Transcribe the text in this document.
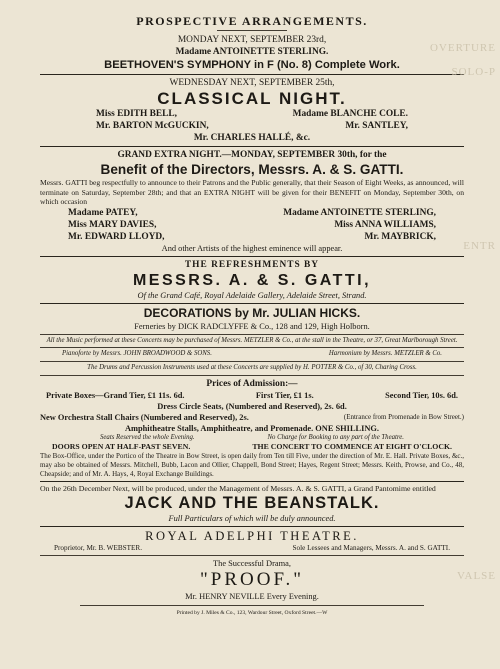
OVERTURE
SOLO-P
ENTR
VALSE
PROSPECTIVE ARRANGEMENTS.
MONDAY NEXT, SEPTEMBER 23rd,
Madame ANTOINETTE STERLING.
BEETHOVEN'S SYMPHONY in F (No. 8) Complete Work.
WEDNESDAY NEXT, SEPTEMBER 25th,
CLASSICAL NIGHT.
Miss EDITH BELL,	Madame BLANCHE COLE.
Mr. BARTON McGUCKIN,	Mr. SANTLEY,
Mr. CHARLES HALLÉ, &c.
GRAND EXTRA NIGHT.—MONDAY, SEPTEMBER 30th, for the
Benefit of the Directors, Messrs. A. & S. GATTI.
Messrs. GATTI beg respectfully to announce to their Patrons and the Public generally, that their Season of Eight Weeks, as announced, will terminate on Saturday, September 28th; and that an EXTRA NIGHT will be given for their BENEFIT on Monday, September 30th, on which occasion
Madame PATEY,	Madame ANTOINETTE STERLING,
Miss MARY DAVIES,	Miss ANNA WILLIAMS,
Mr. EDWARD LLOYD,	Mr. MAYBRICK,
And other Artists of the highest eminence will appear.
THE REFRESHMENTS BY
MESSRS. A. & S. GATTI,
Of the Grand Café, Royal Adelaide Gallery, Adelaide Street, Strand.
DECORATIONS by Mr. JULIAN HICKS.
Ferneries by DICK RADCLYFFE & Co., 128 and 129, High Holborn.
All the Music performed at these Concerts may be purchased of Messrs. METZLER & Co., at the stall in the Theatre, or 37, Great Marlborough Street.
Pianoforte by Messrs. JOHN BROADWOOD & SONS.	Harmonium by Messrs. METZLER & Co.
The Drums and Percussion Instruments used at these Concerts are supplied by H. POTTER & Co., of 30, Charing Cross.
Prices of Admission:—
Private Boxes—Grand Tier, £1 11s. 6d.	First Tier, £1 1s.	Second Tier, 10s. 6d.
Dress Circle Seats, (Numbered and Reserved), 2s. 6d.
New Orchestra Stall Chairs (Numbered and Reserved), 2s.	(Entrance from Promenade in Bow Street.)
Amphitheatre Stalls, Amphitheatre, and Promenade. ONE SHILLING.
Seats Reserved the whole Evening.	No Charge for Booking to any part of the Theatre.
DOORS OPEN AT HALF-PAST SEVEN.	THE CONCERT TO COMMENCE AT EIGHT O'CLOCK.
The Box-Office, under the Portico of the Theatre in Bow Street, is open daily from Ten till Five, under the direction of Mr. E. Hall. Private Boxes, &c., may also be obtained of Messrs. Mitchell, Bubb, Lacon and Ollier, Chappell, Bond Street; Hayes, Regent Street; Messrs. Keith, Prowse, and Co., 48, Cheapside; and of Mr. A. Hays, 4, Royal Exchange Buildings.
On the 26th December Next, will be produced, under the Management of Messrs. A. & S. GATTI, a Grand Pantomime entitled
JACK AND THE BEANSTALK.
Full Particulars of which will be duly announced.
ROYAL ADELPHI THEATRE.
Proprietor, Mr. B. WEBSTER.	Sole Lessees and Managers, Messrs. A. and S. GATTI.
The Successful Drama,
"PROOF."
Mr. HENRY NEVILLE Every Evening.
Printed by J. Miles & Co., 123, Wardour Street, Oxford Street.—W
